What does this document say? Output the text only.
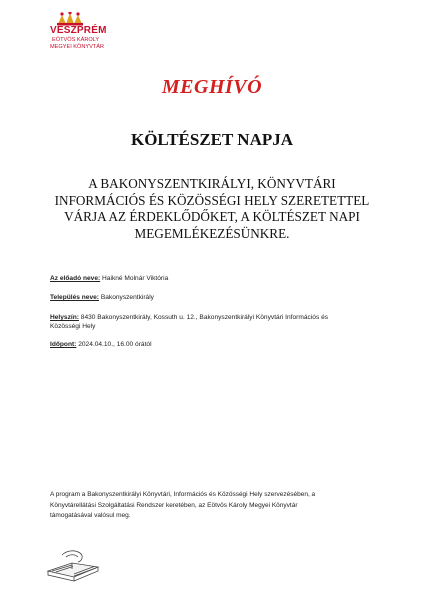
VESZPRÉM
EÖTVÖS KÁROLY
MEGYEI KÖNYVTÁR
MEGHÍVÓ
KÖLTÉSZET NAPJA
A BAKONYSZENTKIRÁLYI, KÖNYVTÁRI
INFORMÁCIÓS ÉS KÖZÖSSÉGI HELY SZERETETTEL
VÁRJA AZ ÉRDEKLŐDŐKET, A KÖLTÉSZET NAPI
MEGEMLÉKEZÉSÜNKRE.
Az előadó neve: Haikné Molnár Viktória
Település neve: Bakonyszentkirály
Helyszín: 8430 Bakonyszentkirály, Kossuth u. 12., Bakonyszentkirályi Könyvtári Információs és
Közösségi Hely
Időpont: 2024.04.10., 16.00 órától
A program a Bakonyszentkirályi Könyvtári, Információs és Közösségi Hely szervezésében, a
Könyvtárellátási Szolgáltatási Rendszer keretében, az Eötvös Károly Megyei Könyvtár
támogatásával valósul meg.
